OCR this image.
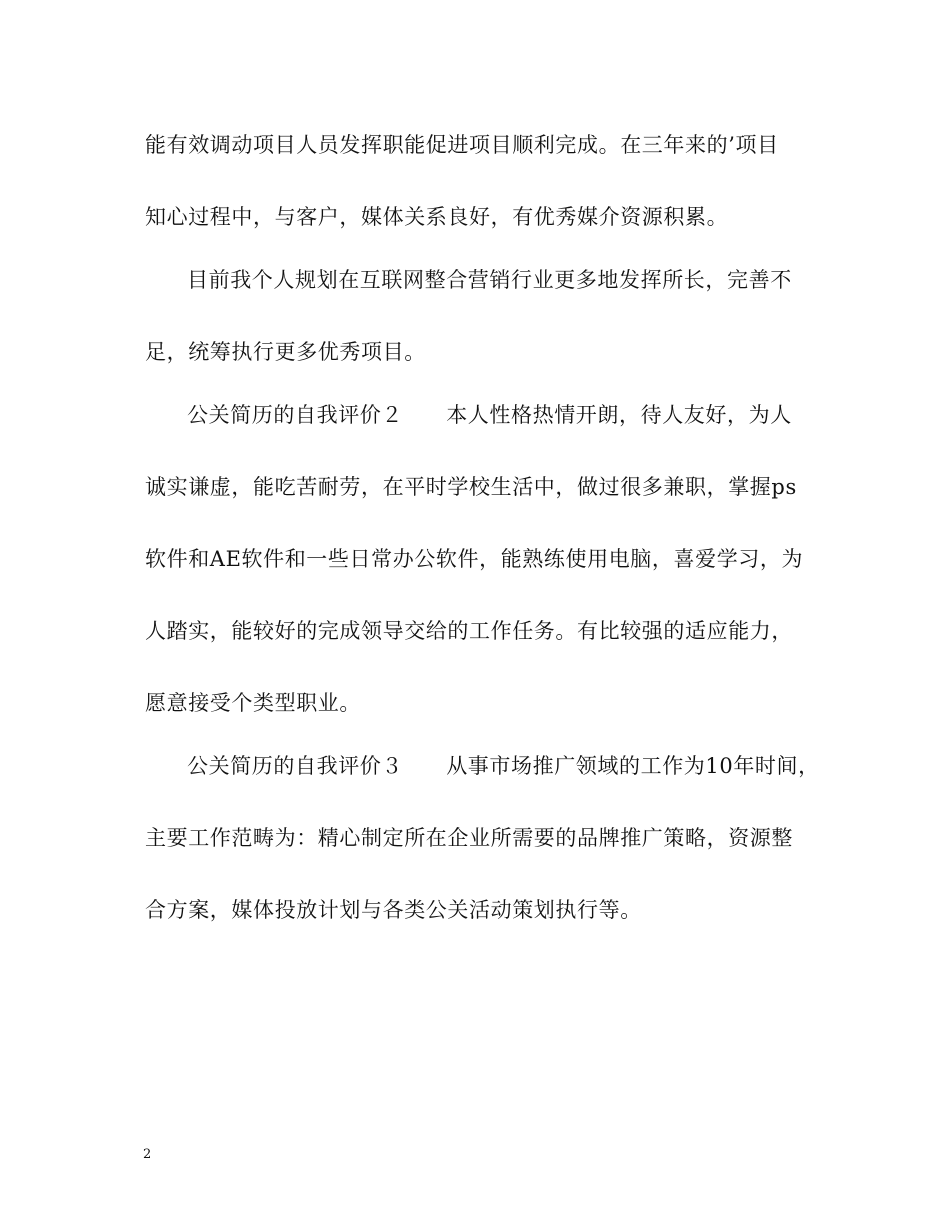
能有效调动项目人员发挥职能促进项目顺利完成。在三年来的’项目
知心过程中，与客户，媒体关系良好，有优秀媒介资源积累。
目前我个人规划在互联网整合营销行业更多地发挥所长，完善不
足，统筹执行更多优秀项目。
公关简历的自我评价２　　本人性格热情开朗，待人友好，为人
诚实谦虚，能吃苦耐劳，在平时学校生活中，做过很多兼职，掌握ps
软件和AE软件和一些日常办公软件，能熟练使用电脑，喜爱学习，为
人踏实，能较好的完成领导交给的工作任务。有比较强的适应能力，
愿意接受个类型职业。
公关简历的自我评价３　　从事市场推广领域的工作为10年时间，
主要工作范畴为：精心制定所在企业所需要的品牌推广策略，资源整
合方案，媒体投放计划与各类公关活动策划执行等。
2
